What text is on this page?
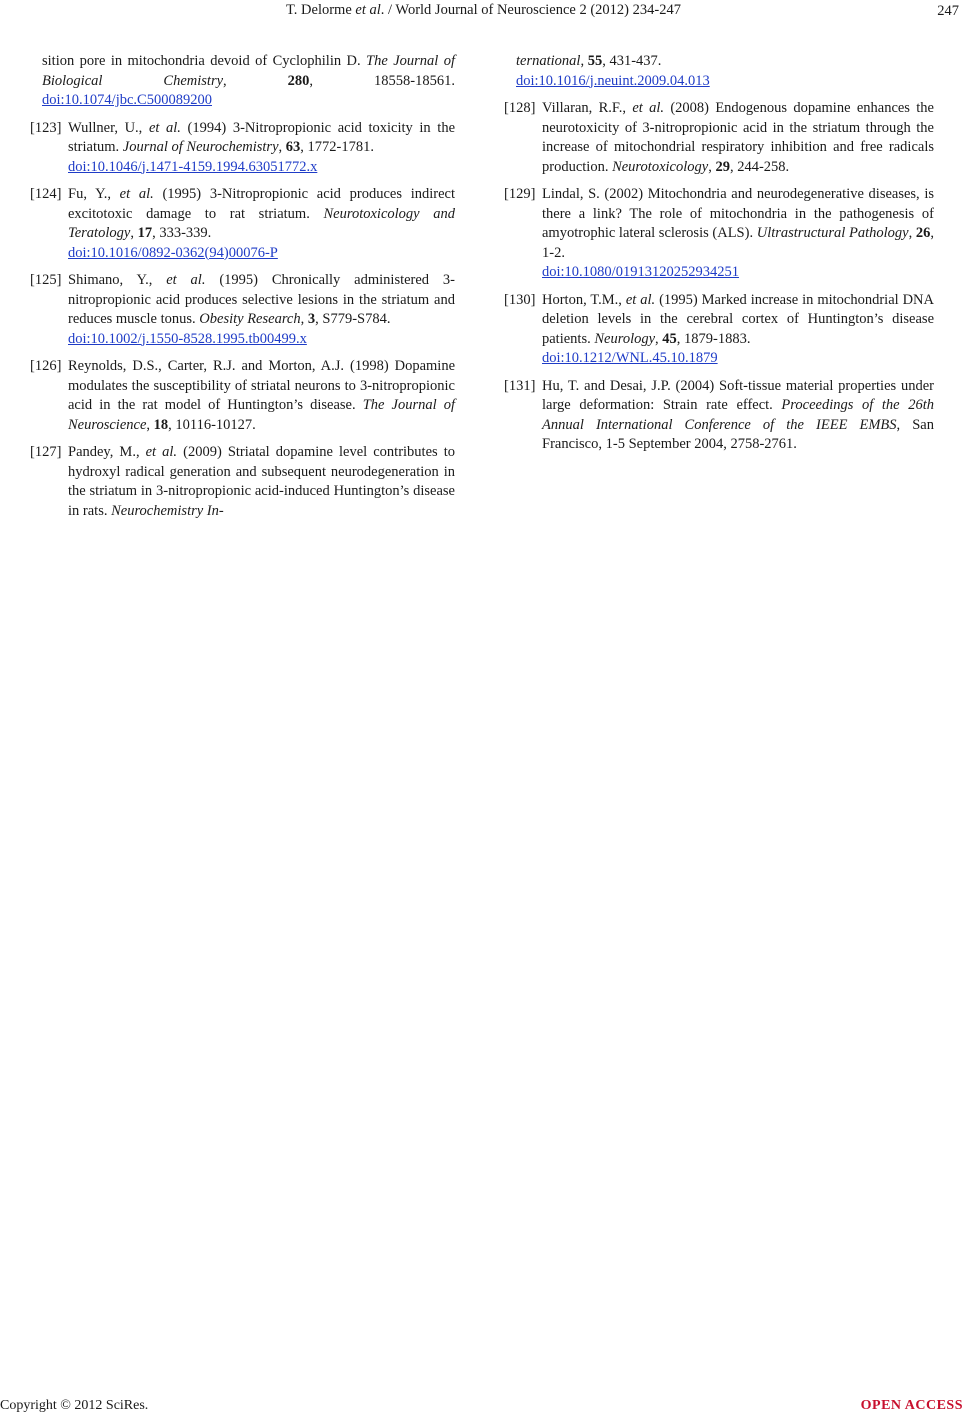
T. Delorme et al. / World Journal of Neuroscience 2 (2012) 234-247	247
sition pore in mitochondria devoid of Cyclophilin D. The Journal of Biological Chemistry, 280, 18558-18561. doi:10.1074/jbc.C500089200
[123] Wullner, U., et al. (1994) 3-Nitropropionic acid toxicity in the striatum. Journal of Neurochemistry, 63, 1772-1781.
doi:10.1046/j.1471-4159.1994.63051772.x
[124] Fu, Y., et al. (1995) 3-Nitropropionic acid produces indirect excitotoxic damage to rat striatum. Neurotoxicology and Teratology, 17, 333-339.
doi:10.1016/0892-0362(94)00076-P
[125] Shimano, Y., et al. (1995) Chronically administered 3-nitropropionic acid produces selective lesions in the striatum and reduces muscle tonus. Obesity Research, 3, S779-S784.
doi:10.1002/j.1550-8528.1995.tb00499.x
[126] Reynolds, D.S., Carter, R.J. and Morton, A.J. (1998) Dopamine modulates the susceptibility of striatal neurons to 3-nitropropionic acid in the rat model of Huntington’s disease. The Journal of Neuroscience, 18, 10116-10127.
[127] Pandey, M., et al. (2009) Striatal dopamine level contributes to hydroxyl radical generation and subsequent neurodegeneration in the striatum in 3-nitropropionic acid-induced Huntington’s disease in rats. Neurochemistry In-
ternational, 55, 431-437.
doi:10.1016/j.neuint.2009.04.013
[128] Villaran, R.F., et al. (2008) Endogenous dopamine enhances the neurotoxicity of 3-nitropropionic acid in the striatum through the increase of mitochondrial respiratory inhibition and free radicals production. Neurotoxicology, 29, 244-258.
[129] Lindal, S. (2002) Mitochondria and neurodegenerative diseases, is there a link? The role of mitochondria in the pathogenesis of amyotrophic lateral sclerosis (ALS). Ultrastructural Pathology, 26, 1-2.
doi:10.1080/01913120252934251
[130] Horton, T.M., et al. (1995) Marked increase in mitochondrial DNA deletion levels in the cerebral cortex of Huntington’s disease patients. Neurology, 45, 1879-1883.
doi:10.1212/WNL.45.10.1879
[131] Hu, T. and Desai, J.P. (2004) Soft-tissue material properties under large deformation: Strain rate effect. Proceedings of the 26th Annual International Conference of the IEEE EMBS, San Francisco, 1-5 September 2004, 2758-2761.
Copyright © 2012 SciRes.	OPEN ACCESS
